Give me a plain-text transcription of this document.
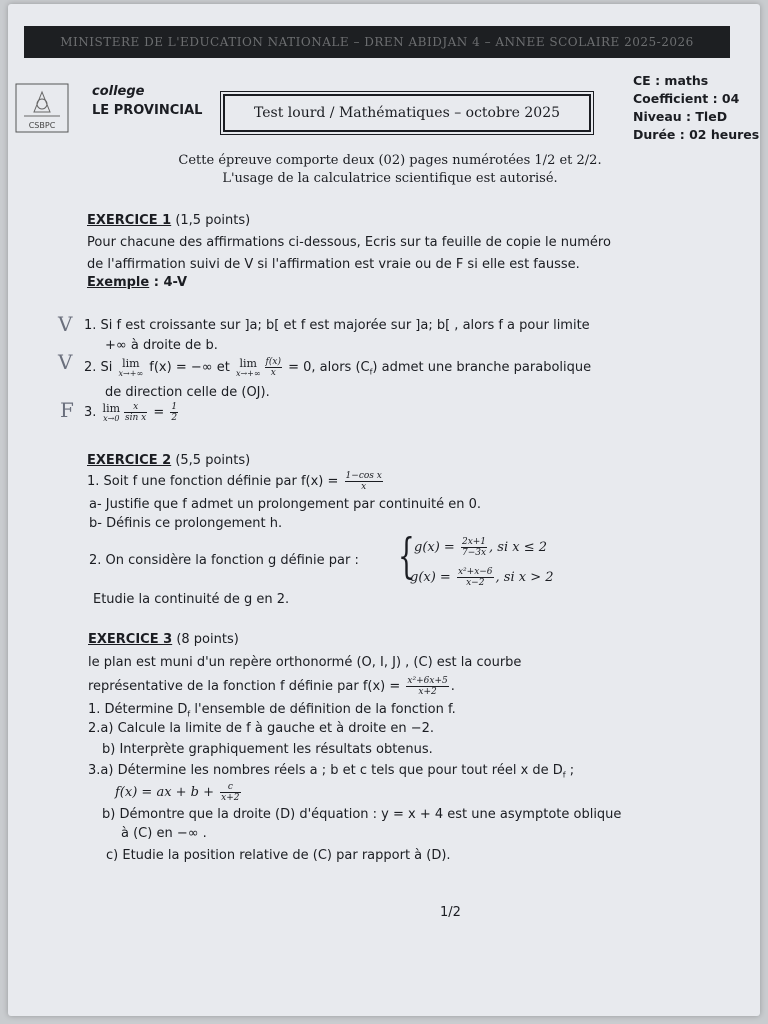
MINISTERE DE L'EDUCATION NATIONALE – DREN ABIDJAN 4 – ANNEE SCOLAIRE 2025-2026
CSBPC
college
LE PROVINCIAL	Test lourd / Mathématiques – octobre 2025
CE : maths
Coefficient : 04
Niveau : TleD
Durée : 02 heures
Cette épreuve comporte deux (02) pages numérotées 1/2 et 2/2.
L'usage de la calculatrice scientifique est autorisé.
EXERCICE 1 (1,5 points)
Pour chacune des affirmations ci-dessous, Ecris sur ta feuille de copie le numéro
de l'affirmation suivi de V si l'affirmation est vraie ou de F si elle est fausse.
Exemple : 4-V
V 1. Si f est croissante sur ]a; b[ et f est majorée sur ]a; b[ , alors f a pour limite
+∞ à droite de b.
V 2. Si lim
x→+∞ f(x) = −∞ et lim
$x\to+\infty \frac{f(x)}{x} = 0$, alors $(C_f)$ admet une branche parabolique
de direction celle de (OJ).
F 3. lim
$x\to 0 \frac{x}{\text{sin x}} = \frac{1}{2}$
EXERCICE 2 (5,5 points)
1. Soit f une fonction définie par $f(x) = \frac{\text{1−cos x}}{x}$
a- Justifie que f admet un prolongement par continuité en 0.
b- Définis ce prolongement h.
2. On considère la fonction g définie par : { $g(x) = \frac{2x+1}{7-3x}$ , si x ≤ 2
$g(x) = \frac{\text{x²+x−6}}{x-2}$ , si x > 2
Etudie la continuité de g en 2.
EXERCICE 3 (8 points)
le plan est muni d'un repère orthonormé (O, I, J) , (C) est la courbe
représentative de la fonction f définie par $f(x) = \frac{\text{x²+6x+5}}{x+2}$ .
1. Détermine $D_f$ l'ensemble de définition de la fonction f.
2.a) Calcule la limite de f à gauche et à droite en −2.
b) Interprète graphiquement les résultats obtenus.
3.a) Détermine les nombres réels a ; b et c tels que pour tout réel x de $D_f$ ;
f(x) = ax + $b + \frac{c}{x+2}$
b) Démontre que la droite (D) d'équation : y = x + 4 est une asymptote oblique
à (C) en −∞ .
c) Etudie la position relative de (C) par rapport à (D).
1/2
